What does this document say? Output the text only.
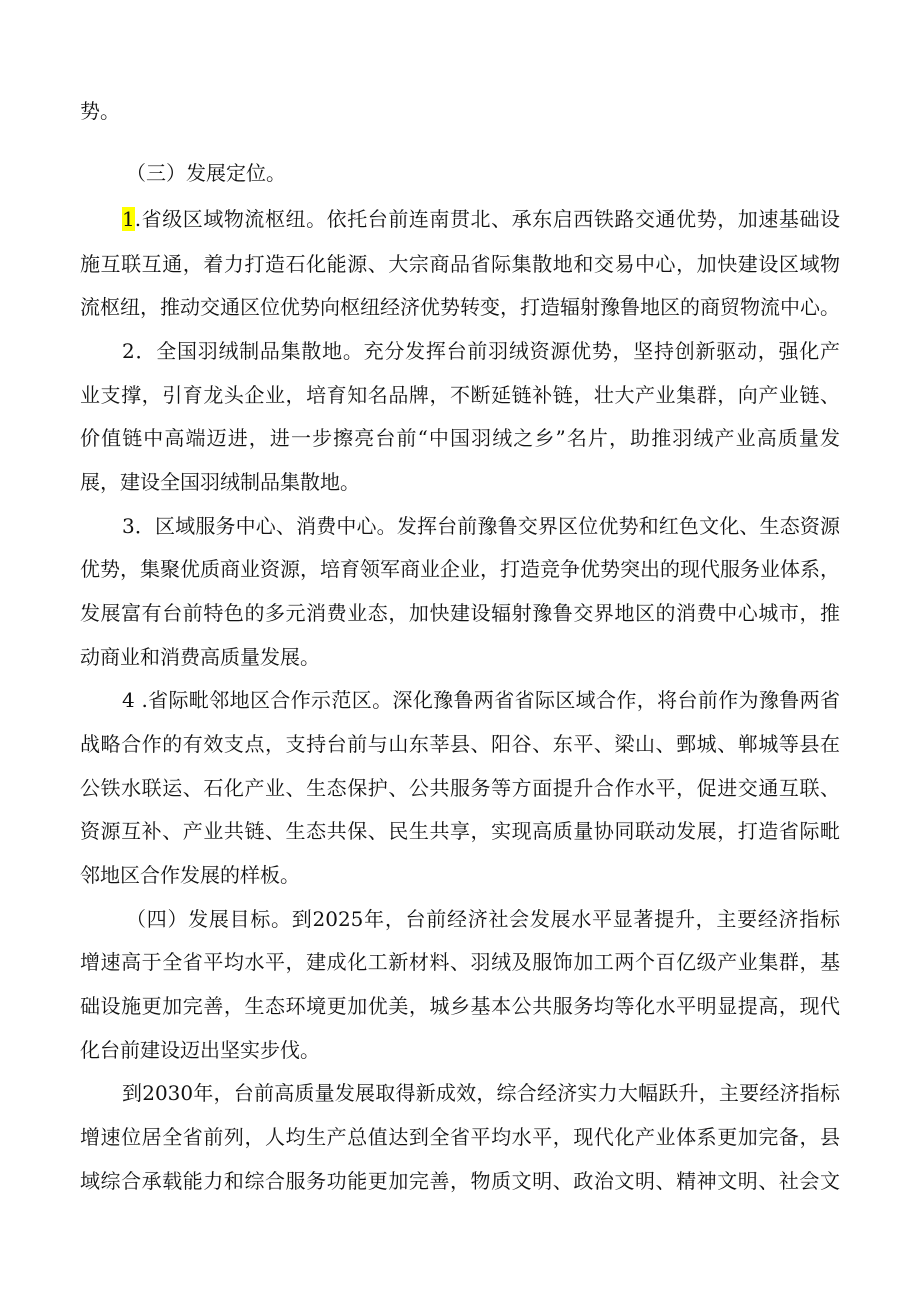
势。
（三）发展定位。
1.省级区域物流枢纽。依托台前连南贯北、承东启西铁路交通优势，加速基础设
施互联互通，着力打造石化能源、大宗商品省际集散地和交易中心，加快建设区域物
流枢纽，推动交通区位优势向枢纽经济优势转变，打造辐射豫鲁地区的商贸物流中心。
2．全国羽绒制品集散地。充分发挥台前羽绒资源优势，坚持创新驱动，强化产
业支撑，引育龙头企业，培育知名品牌，不断延链补链，壮大产业集群，向产业链、
价值链中高端迈进，进一步擦亮台前“中国羽绒之乡”名片，助推羽绒产业高质量发
展，建设全国羽绒制品集散地。
3．区域服务中心、消费中心。发挥台前豫鲁交界区位优势和红色文化、生态资源
优势，集聚优质商业资源，培育领军商业企业，打造竞争优势突出的现代服务业体系，
发展富有台前特色的多元消费业态，加快建设辐射豫鲁交界地区的消费中心城市，推
动商业和消费高质量发展。
4 .省际毗邻地区合作示范区。深化豫鲁两省省际区域合作，将台前作为豫鲁两省
战略合作的有效支点，支持台前与山东莘县、阳谷、东平、梁山、鄄城、郸城等县在
公铁水联运、石化产业、生态保护、公共服务等方面提升合作水平，促进交通互联、
资源互补、产业共链、生态共保、民生共享，实现高质量协同联动发展，打造省际毗
邻地区合作发展的样板。
（四）发展目标。到2025年，台前经济社会发展水平显著提升，主要经济指标
增速高于全省平均水平，建成化工新材料、羽绒及服饰加工两个百亿级产业集群，基
础设施更加完善，生态环境更加优美，城乡基本公共服务均等化水平明显提高，现代
化台前建设迈出坚实步伐。
到2030年，台前高质量发展取得新成效，综合经济实力大幅跃升，主要经济指标
增速位居全省前列，人均生产总值达到全省平均水平，现代化产业体系更加完备，县
域综合承载能力和综合服务功能更加完善，物质文明、政治文明、精神文明、社会文
